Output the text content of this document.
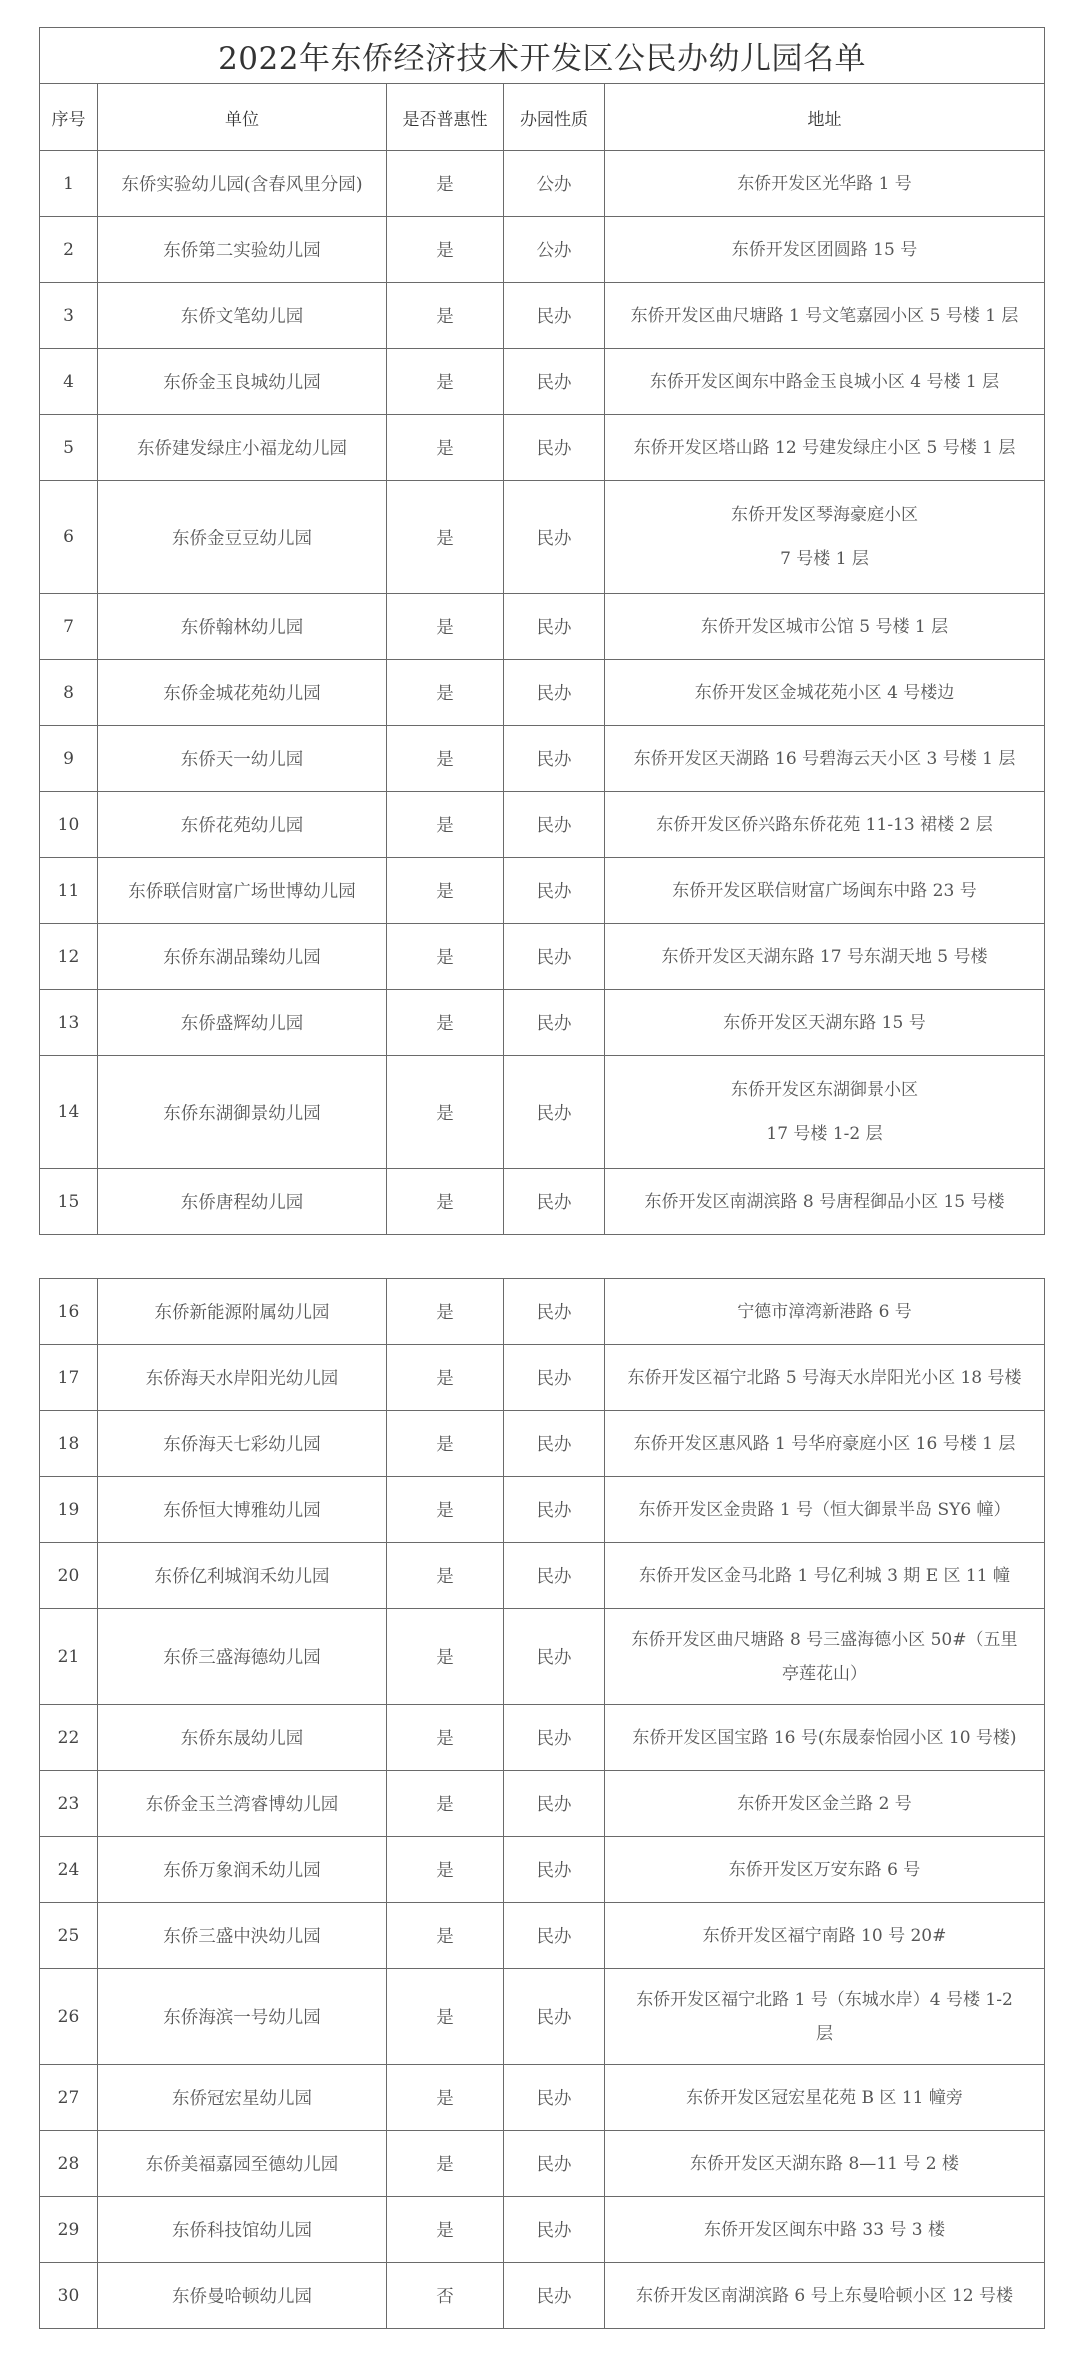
2022年东侨经济技术开发区公民办幼儿园名单				
序号	单位	是否普惠性	办园性质	地址
1	东侨实验幼儿园(含春风里分园)	是	公办	东侨开发区光华路 1 号

2	东侨第二实验幼儿园	是	公办	东侨开发区团圆路 15 号

3	东侨文笔幼儿园	是	民办	东侨开发区曲尺塘路 1 号文笔嘉园小区 5 号楼 1 层

4	东侨金玉良城幼儿园	是	民办	东侨开发区闽东中路金玉良城小区 4 号楼 1 层

5	东侨建发绿庄小福龙幼儿园	是	民办	东侨开发区塔山路 12 号建发绿庄小区 5 号楼 1 层

6	东侨金豆豆幼儿园	是	民办	东侨开发区琴海豪庭小区
7 号楼 1 层

7	东侨翰林幼儿园	是	民办	东侨开发区城市公馆 5 号楼 1 层

8	东侨金城花苑幼儿园	是	民办	东侨开发区金城花苑小区 4 号楼边

9	东侨天一幼儿园	是	民办	东侨开发区天湖路 16 号碧海云天小区 3 号楼 1 层

10	东侨花苑幼儿园	是	民办	东侨开发区侨兴路东侨花苑 11-13 裙楼 2 层

11	东侨联信财富广场世博幼儿园	是	民办	东侨开发区联信财富广场闽东中路 23 号

12	东侨东湖品臻幼儿园	是	民办	东侨开发区天湖东路 17 号东湖天地 5 号楼

13	东侨盛辉幼儿园	是	民办	东侨开发区天湖东路 15 号

14	东侨东湖御景幼儿园	是	民办	东侨开发区东湖御景小区
17 号楼 1-2 层

15	东侨唐程幼儿园	是	民办	东侨开发区南湖滨路 8 号唐程御品小区 15 号楼
16	东侨新能源附属幼儿园	是	民办	宁德市漳湾新港路 6 号

17	东侨海天水岸阳光幼儿园	是	民办	东侨开发区福宁北路 5 号海天水岸阳光小区 18 号楼

18	东侨海天七彩幼儿园	是	民办	东侨开发区惠风路 1 号华府豪庭小区 16 号楼 1 层

19	东侨恒大博雅幼儿园	是	民办	东侨开发区金贵路 1 号（恒大御景半岛 SY6 幢）

20	东侨亿利城润禾幼儿园	是	民办	东侨开发区金马北路 1 号亿利城 3 期 E 区 11 幢

21	东侨三盛海德幼儿园	是	民办	东侨开发区曲尺塘路 8 号三盛海德小区 50#（五里
亭莲花山）

22	东侨东晟幼儿园	是	民办	东侨开发区国宝路 16 号(东晟泰怡园小区 10 号楼)

23	东侨金玉兰湾睿博幼儿园	是	民办	东侨开发区金兰路 2 号

24	东侨万象润禾幼儿园	是	民办	东侨开发区万安东路 6 号

25	东侨三盛中泱幼儿园	是	民办	东侨开发区福宁南路 10 号 20#

26	东侨海滨一号幼儿园	是	民办	东侨开发区福宁北路 1 号（东城水岸）4 号楼 1-2
层

27	东侨冠宏星幼儿园	是	民办	东侨开发区冠宏星花苑 B 区 11 幢旁

28	东侨美福嘉园至德幼儿园	是	民办	东侨开发区天湖东路 8—11 号 2 楼

29	东侨科技馆幼儿园	是	民办	东侨开发区闽东中路 33 号 3 楼

30	东侨曼哈顿幼儿园	否	民办	东侨开发区南湖滨路 6 号上东曼哈顿小区 12 号楼
